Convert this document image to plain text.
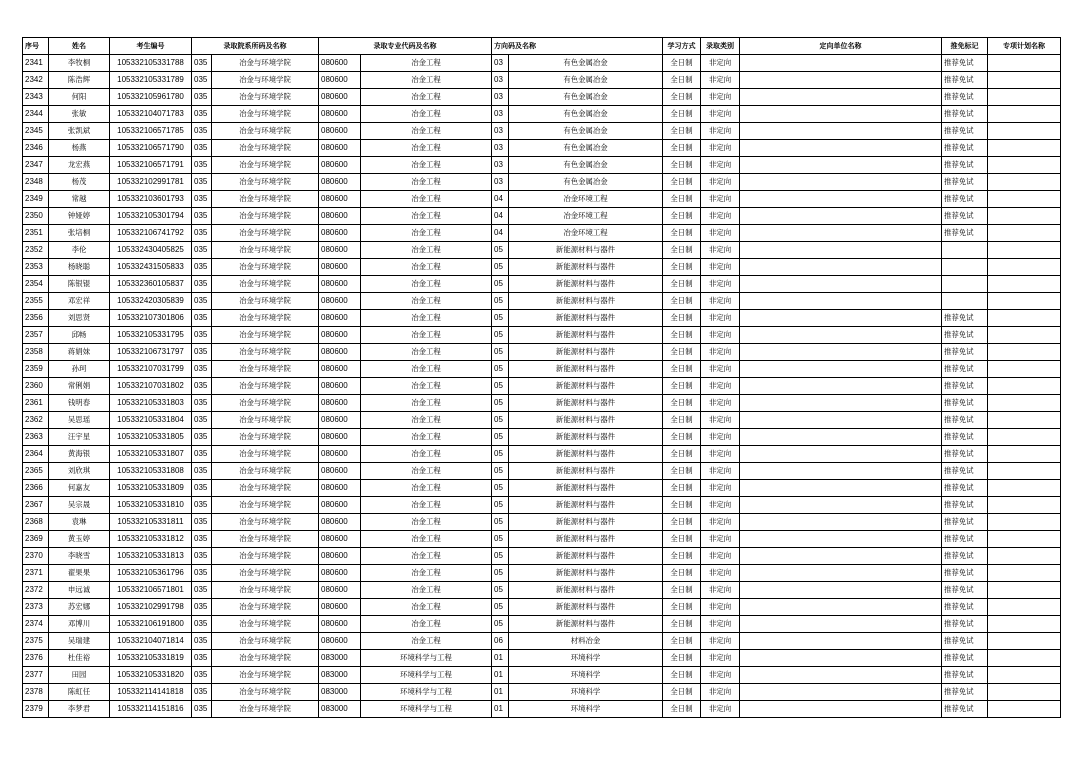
序号	姓名	考生编号	录取院系所码及名称		录取专业代码及名称		方向码及名称		学习方式	录取类别	定向单位名称	推免标记	专项计划名称
2341	李牧桐	105332105331788	035	冶金与环境学院	080600	冶金工程	03	有色金属冶金	全日制	非定向		推荐免试	
2342	陈浩辉	105332105331789	035	冶金与环境学院	080600	冶金工程	03	有色金属冶金	全日制	非定向		推荐免试	
2343	何阳	105332105961780	035	冶金与环境学院	080600	冶金工程	03	有色金属冶金	全日制	非定向		推荐免试	
2344	张敏	105332104071783	035	冶金与环境学院	080600	冶金工程	03	有色金属冶金	全日制	非定向		推荐免试	
2345	张凯斌	105332106571785	035	冶金与环境学院	080600	冶金工程	03	有色金属冶金	全日制	非定向		推荐免试	
2346	杨燕	105332106571790	035	冶金与环境学院	080600	冶金工程	03	有色金属冶金	全日制	非定向		推荐免试	
2347	龙宏燕	105332106571791	035	冶金与环境学院	080600	冶金工程	03	有色金属冶金	全日制	非定向		推荐免试	
2348	杨茂	105332102991781	035	冶金与环境学院	080600	冶金工程	03	有色金属冶金	全日制	非定向		推荐免试	
2349	常越	105332103601793	035	冶金与环境学院	080600	冶金工程	04	冶金环境工程	全日制	非定向		推荐免试	
2350	钟娅婷	105332105301794	035	冶金与环境学院	080600	冶金工程	04	冶金环境工程	全日制	非定向		推荐免试	
2351	张培桐	105332106741792	035	冶金与环境学院	080600	冶金工程	04	冶金环境工程	全日制	非定向		推荐免试	
2352	李伦	105332430405825	035	冶金与环境学院	080600	冶金工程	05	新能源材料与器件	全日制	非定向			
2353	杨晓聪	105332431505833	035	冶金与环境学院	080600	冶金工程	05	新能源材料与器件	全日制	非定向			
2354	陈银锟	105332360105837	035	冶金与环境学院	080600	冶金工程	05	新能源材料与器件	全日制	非定向			
2355	邓宏祥	105332420305839	035	冶金与环境学院	080600	冶金工程	05	新能源材料与器件	全日制	非定向			
2356	刘思贤	105332107301806	035	冶金与环境学院	080600	冶金工程	05	新能源材料与器件	全日制	非定向		推荐免试	
2357	邱畅	105332105331795	035	冶金与环境学院	080600	冶金工程	05	新能源材料与器件	全日制	非定向		推荐免试	
2358	蒋娟妹	105332106731797	035	冶金与环境学院	080600	冶金工程	05	新能源材料与器件	全日制	非定向		推荐免试	
2359	孙珂	105332107031799	035	冶金与环境学院	080600	冶金工程	05	新能源材料与器件	全日制	非定向		推荐免试	
2360	常俐娟	105332107031802	035	冶金与环境学院	080600	冶金工程	05	新能源材料与器件	全日制	非定向		推荐免试	
2361	钱明春	105332105331803	035	冶金与环境学院	080600	冶金工程	05	新能源材料与器件	全日制	非定向		推荐免试	
2362	吴思瑶	105332105331804	035	冶金与环境学院	080600	冶金工程	05	新能源材料与器件	全日制	非定向		推荐免试	
2363	汪宇星	105332105331805	035	冶金与环境学院	080600	冶金工程	05	新能源材料与器件	全日制	非定向		推荐免试	
2364	黄海银	105332105331807	035	冶金与环境学院	080600	冶金工程	05	新能源材料与器件	全日制	非定向		推荐免试	
2365	刘欣琪	105332105331808	035	冶金与环境学院	080600	冶金工程	05	新能源材料与器件	全日制	非定向		推荐免试	
2366	何嘉友	105332105331809	035	冶金与环境学院	080600	冶金工程	05	新能源材料与器件	全日制	非定向		推荐免试	
2367	吴宗晟	105332105331810	035	冶金与环境学院	080600	冶金工程	05	新能源材料与器件	全日制	非定向		推荐免试	
2368	袁琳	105332105331811	035	冶金与环境学院	080600	冶金工程	05	新能源材料与器件	全日制	非定向		推荐免试	
2369	黄玉婷	105332105331812	035	冶金与环境学院	080600	冶金工程	05	新能源材料与器件	全日制	非定向		推荐免试	
2370	李晓雪	105332105331813	035	冶金与环境学院	080600	冶金工程	05	新能源材料与器件	全日制	非定向		推荐免试	
2371	翟果果	105332105361796	035	冶金与环境学院	080600	冶金工程	05	新能源材料与器件	全日制	非定向		推荐免试	
2372	申远诚	105332106571801	035	冶金与环境学院	080600	冶金工程	05	新能源材料与器件	全日制	非定向		推荐免试	
2373	苏宏娜	105332102991798	035	冶金与环境学院	080600	冶金工程	05	新能源材料与器件	全日制	非定向		推荐免试	
2374	邓博川	105332106191800	035	冶金与环境学院	080600	冶金工程	05	新能源材料与器件	全日制	非定向		推荐免试	
2375	吴瑞建	105332104071814	035	冶金与环境学院	080600	冶金工程	06	材料冶金	全日制	非定向		推荐免试	
2376	杜佳裕	105332105331819	035	冶金与环境学院	083000	环境科学与工程	01	环境科学	全日制	非定向		推荐免试	
2377	田园	105332105331820	035	冶金与环境学院	083000	环境科学与工程	01	环境科学	全日制	非定向		推荐免试	
2378	陈虹任	105332114141818	035	冶金与环境学院	083000	环境科学与工程	01	环境科学	全日制	非定向		推荐免试	
2379	李梦君	105332114151816	035	冶金与环境学院	083000	环境科学与工程	01	环境科学	全日制	非定向		推荐免试	
